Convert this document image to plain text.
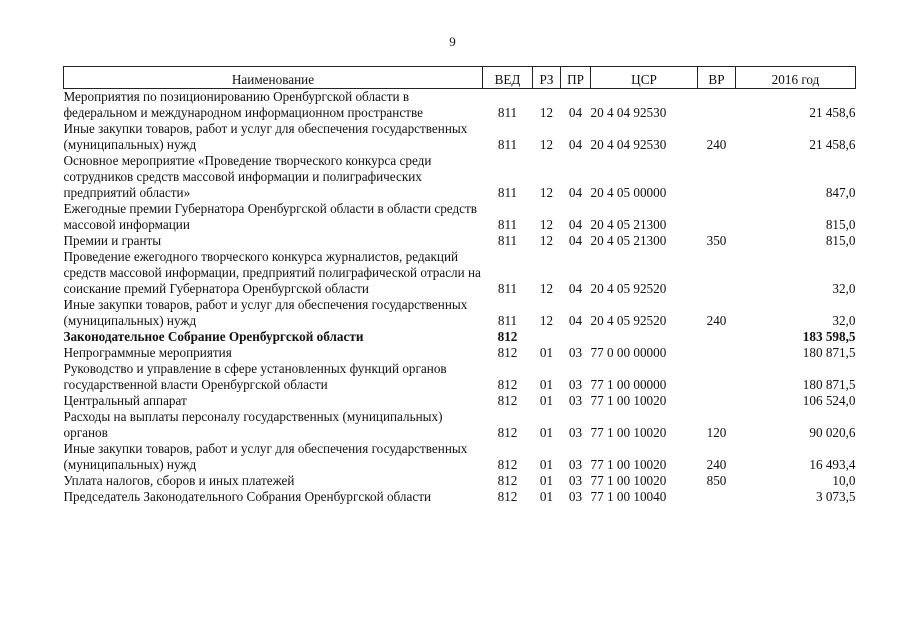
9
Наименование	ВЕД	РЗ	ПР	ЦСР	ВР	2016 год
Мероприятия по позиционированию Оренбургской области в федеральном и международном информационном пространстве	811	12	04	20 4 04 92530		21 458,6
Иные закупки товаров, работ и услуг для обеспечения государственных (муниципальных) нужд	811	12	04	20 4 04 92530	240	21 458,6
Основное мероприятие «Проведение творческого конкурса среди сотрудников средств массовой информации и полиграфических предприятий области»	811	12	04	20 4 05 00000		847,0
Ежегодные премии Губернатора Оренбургской области в области средств массовой информации	811	12	04	20 4 05 21300		815,0
Премии и гранты	811	12	04	20 4 05 21300	350	815,0
Проведение ежегодного творческого конкурса журналистов, редакций средств массовой информации, предприятий полиграфической отрасли на соискание премий Губернатора Оренбургской области	811	12	04	20 4 05 92520		32,0
Иные закупки товаров, работ и услуг для обеспечения государственных (муниципальных) нужд	811	12	04	20 4 05 92520	240	32,0
Законодательное Собрание Оренбургской области	812					183 598,5
Непрограммные мероприятия	812	01	03	77 0 00 00000		180 871,5
Руководство и управление в сфере установленных функций органов государственной власти Оренбургской области	812	01	03	77 1 00 00000		180 871,5
Центральный аппарат	812	01	03	77 1 00 10020		106 524,0
Расходы на выплаты персоналу государственных (муниципальных) органов	812	01	03	77 1 00 10020	120	90 020,6
Иные закупки товаров, работ и услуг для обеспечения государственных (муниципальных) нужд	812	01	03	77 1 00 10020	240	16 493,4
Уплата налогов, сборов и иных платежей	812	01	03	77 1 00 10020	850	10,0
Председатель Законодательного Собрания Оренбургской области	812	01	03	77 1 00 10040		3 073,5
